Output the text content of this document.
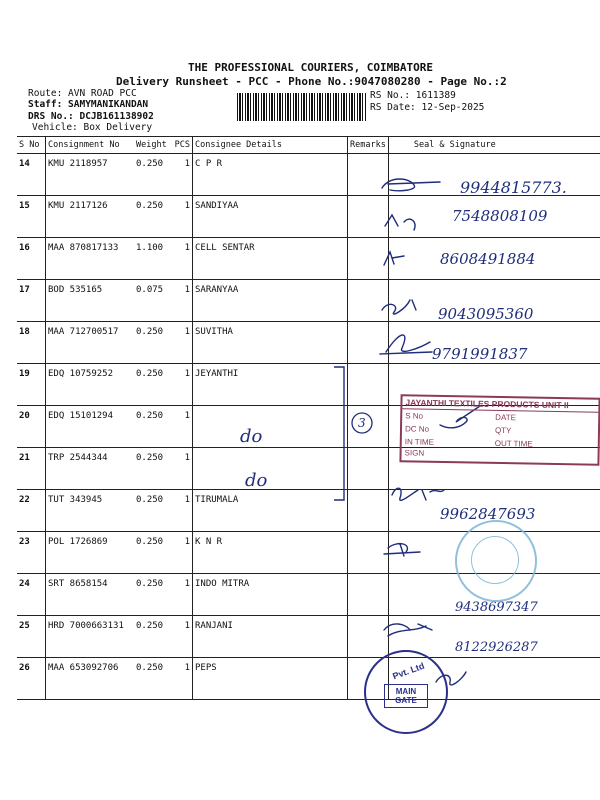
THE PROFESSIONAL COURIERS, COIMBATORE
Delivery Runsheet - PCC - Phone No.:9047080280 - Page No.:2
Route: AVN ROAD PCC
Staff: SAMYMANIKANDAN
DRS No.: DCJB161138902
Vehicle: Box Delivery
RS No.: 1611389
RS Date: 12-Sep-2025
S No	Consignment No	Weight	PCS	Consignee Details	Remarks	Seal & Signature
14	KMU 2118957	0.250	1	C P R		
15	KMU 2117126	0.250	1	SANDIYAA		
16	MAA 870817133	1.100	1	CELL SENTAR		
17	BOD 535165	0.075	1	SARANYAA		
18	MAA 712700517	0.250	1	SUVITHA		
19	EDQ 10759252	0.250	1	JEYANTHI		
20	EDQ 15101294	0.250	1			
21	TRP 2544344	0.250	1			
22	TUT 343945	0.250	1	TIRUMALA		
23	POL 1726869	0.250	1	K N R		
24	SRT 8658154	0.250	1	INDO MITRA		
25	HRD 7000663131	0.250	1	RANJANI		
26	MAA 653092706	0.250	1	PEPS		
9944815773.
7548808109
8608491884
9043095360
9791991837
do
do
9962847693
9438697347
8122926287
3
JAYANTHI TEXTILES PRODUCTS UNIT II
S No	DATE
DC No	QTY
IN TIME	OUT TIME
SIGN
Pvt. Ltd
MAIN GATE
